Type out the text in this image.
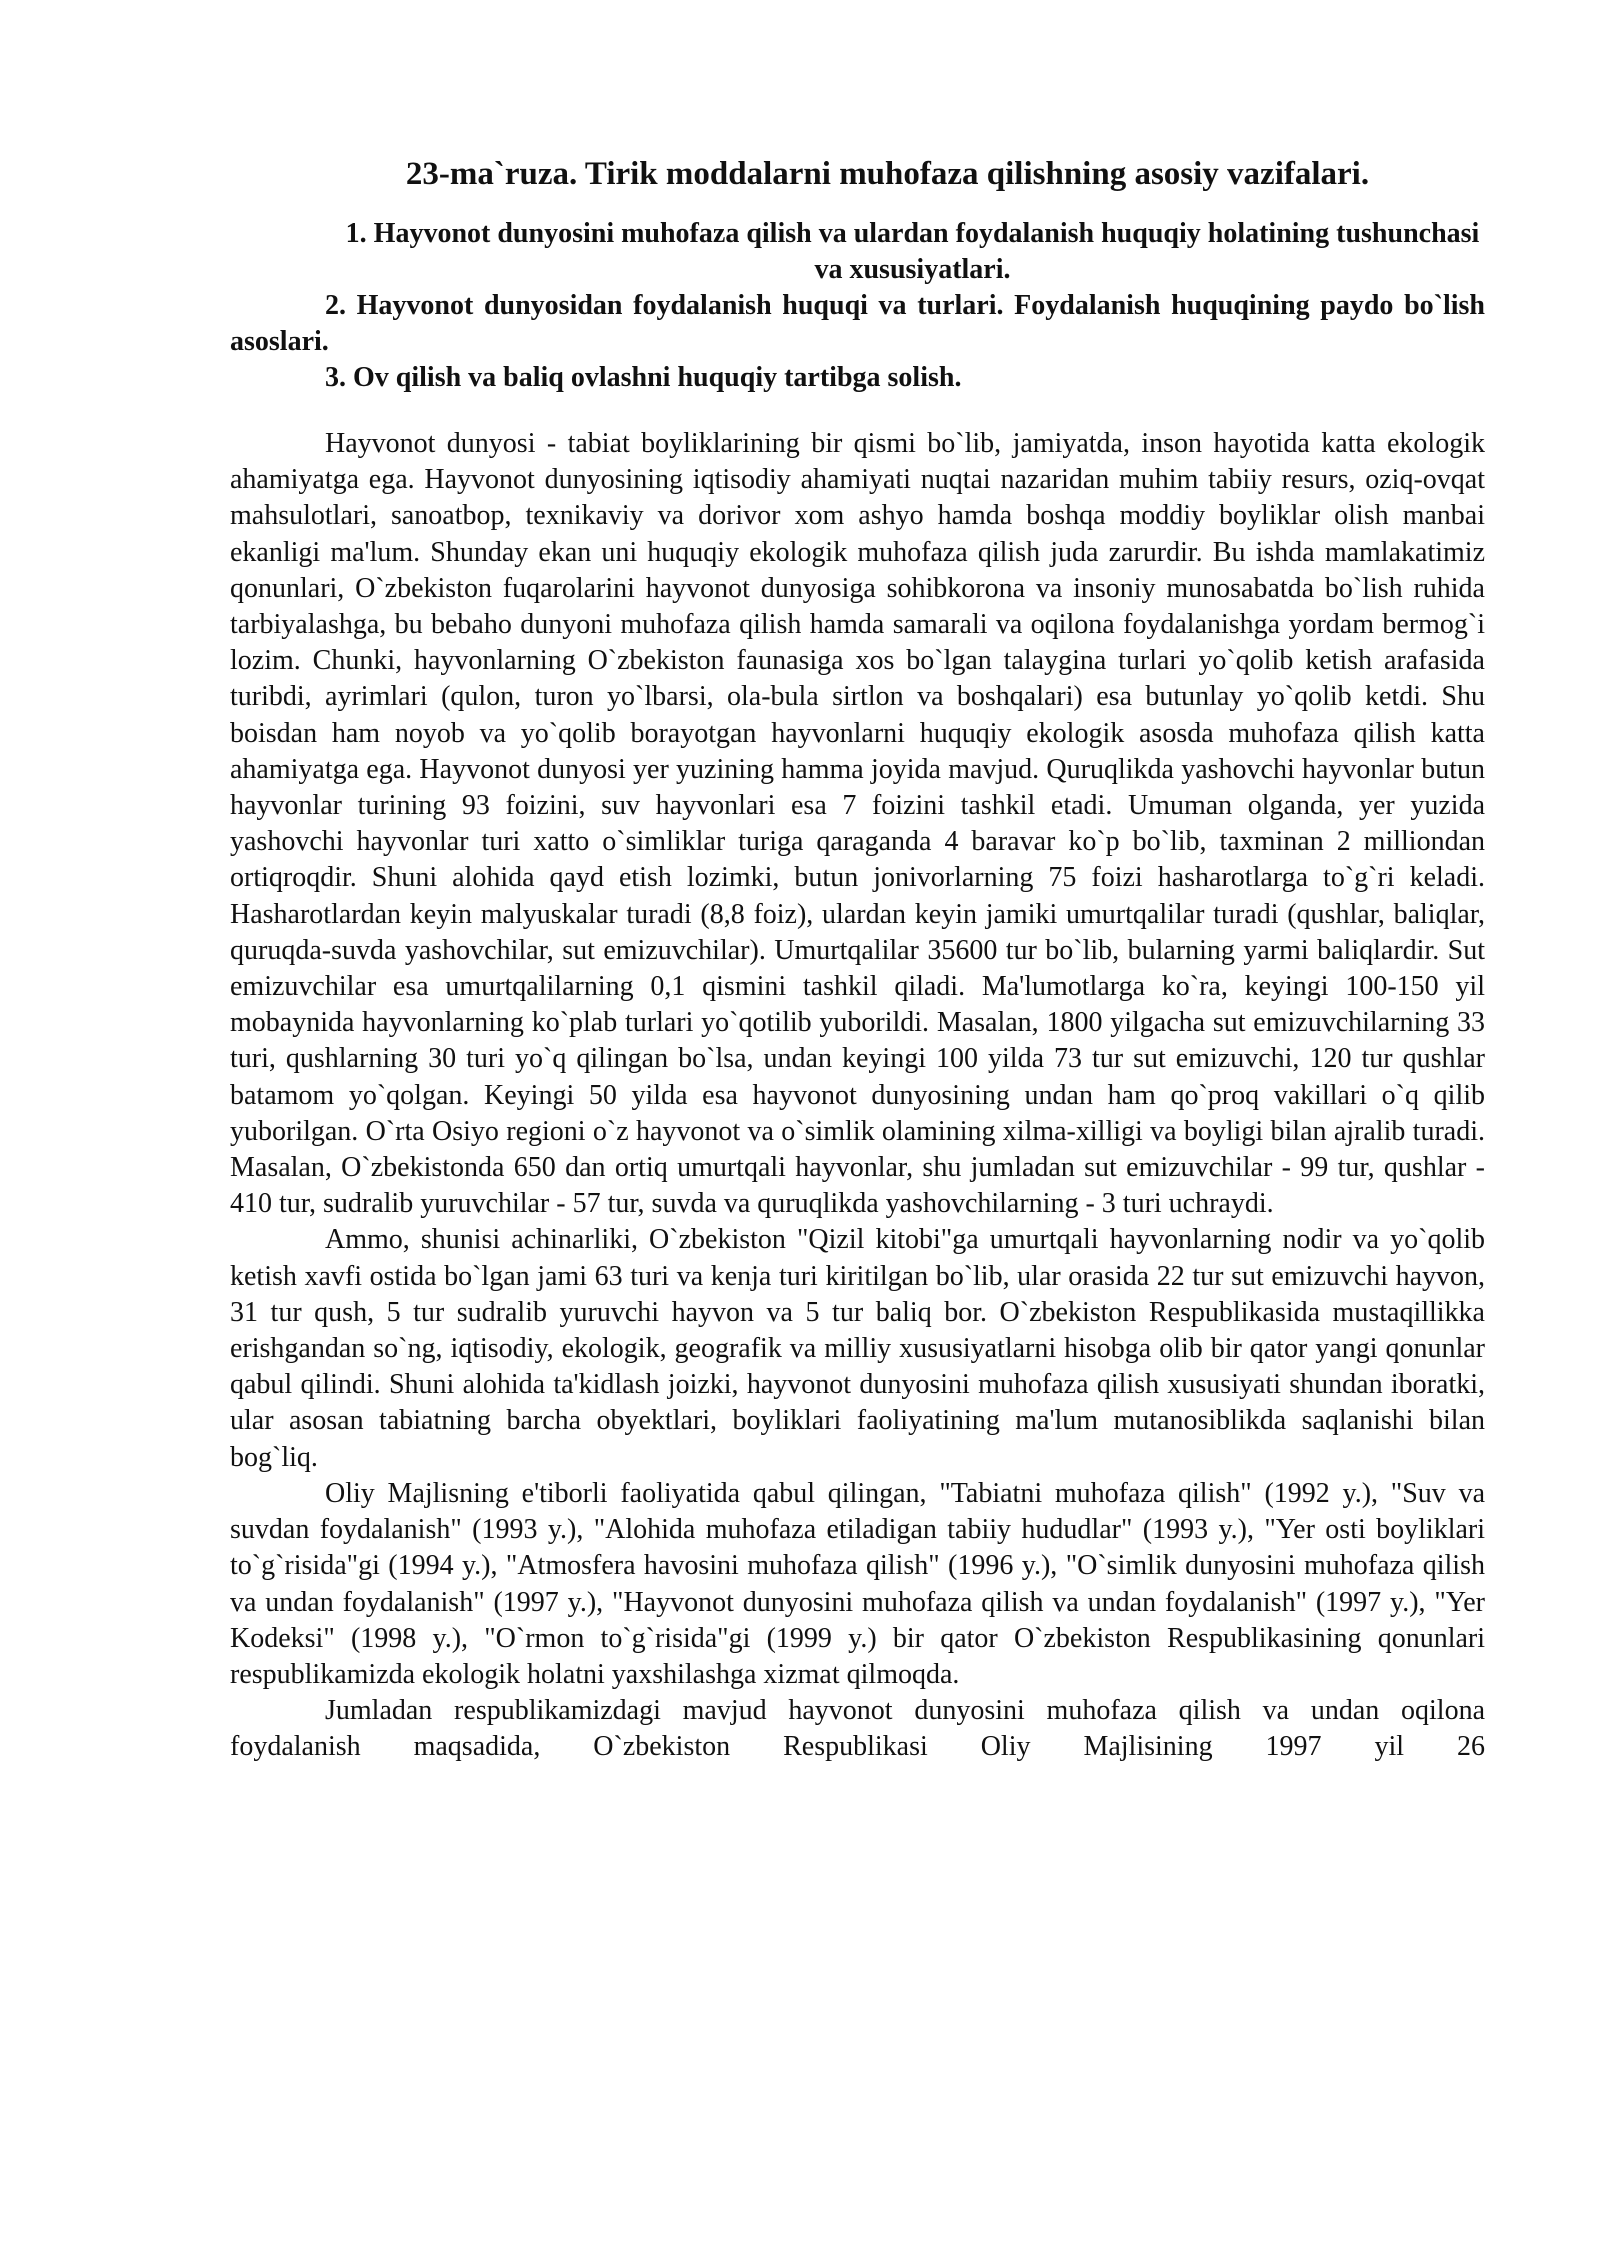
23-ma`ruza. Tirik moddalarni muhofaza qilishning asosiy vazifalari.

1. Hayvonot dunyosini muhofaza qilish va ulardan foydalanish huquqiy holatining tushunchasi va xususiyatlari.

2. Hayvonot dunyosidan foydalanish huquqi va turlari. Foydalanish huquqining paydo bo`lish asoslari.

3. Ov qilish va baliq ovlashni huquqiy tartibga solish.

Hayvonot dunyosi - tabiat boyliklarining bir qismi bo`lib, jamiyatda, inson hayotida katta ekologik ahamiyatga ega. Hayvonot dunyosining iqtisodiy ahamiyati nuqtai nazaridan muhim tabiiy resurs, oziq-ovqat mahsulotlari, sanoatbop, texnikaviy va dorivor xom ashyo hamda boshqa moddiy boyliklar olish manbai ekanligi ma'lum. Shunday ekan uni huquqiy ekologik muhofaza qilish juda zarurdir. Bu ishda mamlakatimiz qonunlari, O`zbekiston fuqarolarini hayvonot dunyosiga sohibkorona va insoniy munosabatda bo`lish ruhida tarbiyalashga, bu bebaho dunyoni muhofaza qilish hamda samarali va oqilona foydalanishga yordam bermog`i lozim. Chunki, hayvonlarning O`zbekiston faunasiga xos bo`lgan talaygina turlari yo`qolib ketish arafasida turibdi, ayrimlari (qulon, turon yo`lbarsi, ola-bula sirtlon va boshqalari) esa butunlay yo`qolib ketdi. Shu boisdan ham noyob va yo`qolib borayotgan hayvonlarni huquqiy ekologik asosda muhofaza qilish katta ahamiyatga ega. Hayvonot dunyosi yer yuzining hamma joyida mavjud. Quruqlikda yashovchi hayvonlar butun hayvonlar turining 93 foizini, suv hayvonlari esa 7 foizini tashkil etadi. Umuman olganda, yer yuzida yashovchi hayvonlar turi xatto o`simliklar turiga qaraganda 4 baravar ko`p bo`lib, taxminan 2 milliondan ortiqroqdir. Shuni alohida qayd etish lozimki, butun jonivorlarning 75 foizi hasharotlarga to`g`ri keladi. Hasharotlardan keyin malyuskalar turadi (8,8 foiz), ulardan keyin jamiki umurtqalilar turadi (qushlar, baliqlar, quruqda-suvda yashovchilar, sut emizuvchilar). Umurtqalilar 35600 tur bo`lib, bularning yarmi baliqlardir. Sut emizuvchilar esa umurtqalilarning 0,1 qismini tashkil qiladi. Ma'lumotlarga ko`ra, keyingi 100-150 yil mobaynida hayvonlarning ko`plab turlari yo`qotilib yuborildi. Masalan, 1800 yilgacha sut emizuvchilarning 33 turi, qushlarning 30 turi yo`q qilingan bo`lsa, undan keyingi 100 yilda 73 tur sut emizuvchi, 120 tur qushlar batamom yo`qolgan. Keyingi 50 yilda esa hayvonot dunyosining undan ham qo`proq vakillari o`q qilib yuborilgan. O`rta Osiyo regioni o`z hayvonot va o`simlik olamining xilma-xilligi va boyligi bilan ajralib turadi. Masalan, O`zbekistonda 650 dan ortiq umurtqali hayvonlar, shu jumladan sut emizuvchilar - 99 tur, qushlar - 410 tur, sudralib yuruvchilar - 57 tur, suvda va quruqlikda yashovchilarning - 3 turi uchraydi.

Ammo, shunisi achinarliki, O`zbekiston "Qizil kitobi"ga umurtqali hayvonlarning nodir va yo`qolib ketish xavfi ostida bo`lgan jami 63 turi va kenja turi kiritilgan bo`lib, ular orasida 22 tur sut emizuvchi hayvon, 31 tur qush, 5 tur sudralib yuruvchi hayvon va 5 tur baliq bor. O`zbekiston Respublikasida mustaqillikka erishgandan so`ng, iqtisodiy, ekologik, geografik va milliy xususiyatlarni hisobga olib bir qator yangi qonunlar qabul qilindi. Shuni alohida ta'kidlash joizki, hayvonot dunyosini muhofaza qilish xususiyati shundan iboratki, ular asosan tabiatning barcha obyektlari, boyliklari faoliyatining ma'lum mutanosiblikda saqlanishi bilan bog`liq.

Oliy Majlisning e'tiborli faoliyatida qabul qilingan, "Tabiatni muhofaza qilish" (1992 y.), "Suv va suvdan foydalanish" (1993 y.), "Alohida muhofaza etiladigan tabiiy hududlar" (1993 y.), "Yer osti boyliklari to`g`risida"gi (1994 y.), "Atmosfera havosini muhofaza qilish" (1996 y.), "O`simlik dunyosini muhofaza qilish va undan foydalanish" (1997 y.), "Hayvonot dunyosini muhofaza qilish va undan foydalanish" (1997 y.), "Yer Kodeksi" (1998 y.), "O`rmon to`g`risida"gi (1999 y.) bir qator O`zbekiston Respublikasining qonunlari respublikamizda ekologik holatni yaxshilashga xizmat qilmoqda.

Jumladan respublikamizdagi mavjud hayvonot dunyosini muhofaza qilish va undan oqilona foydalanish maqsadida, O`zbekiston Respublikasi Oliy Majlisining 1997 yil 26
